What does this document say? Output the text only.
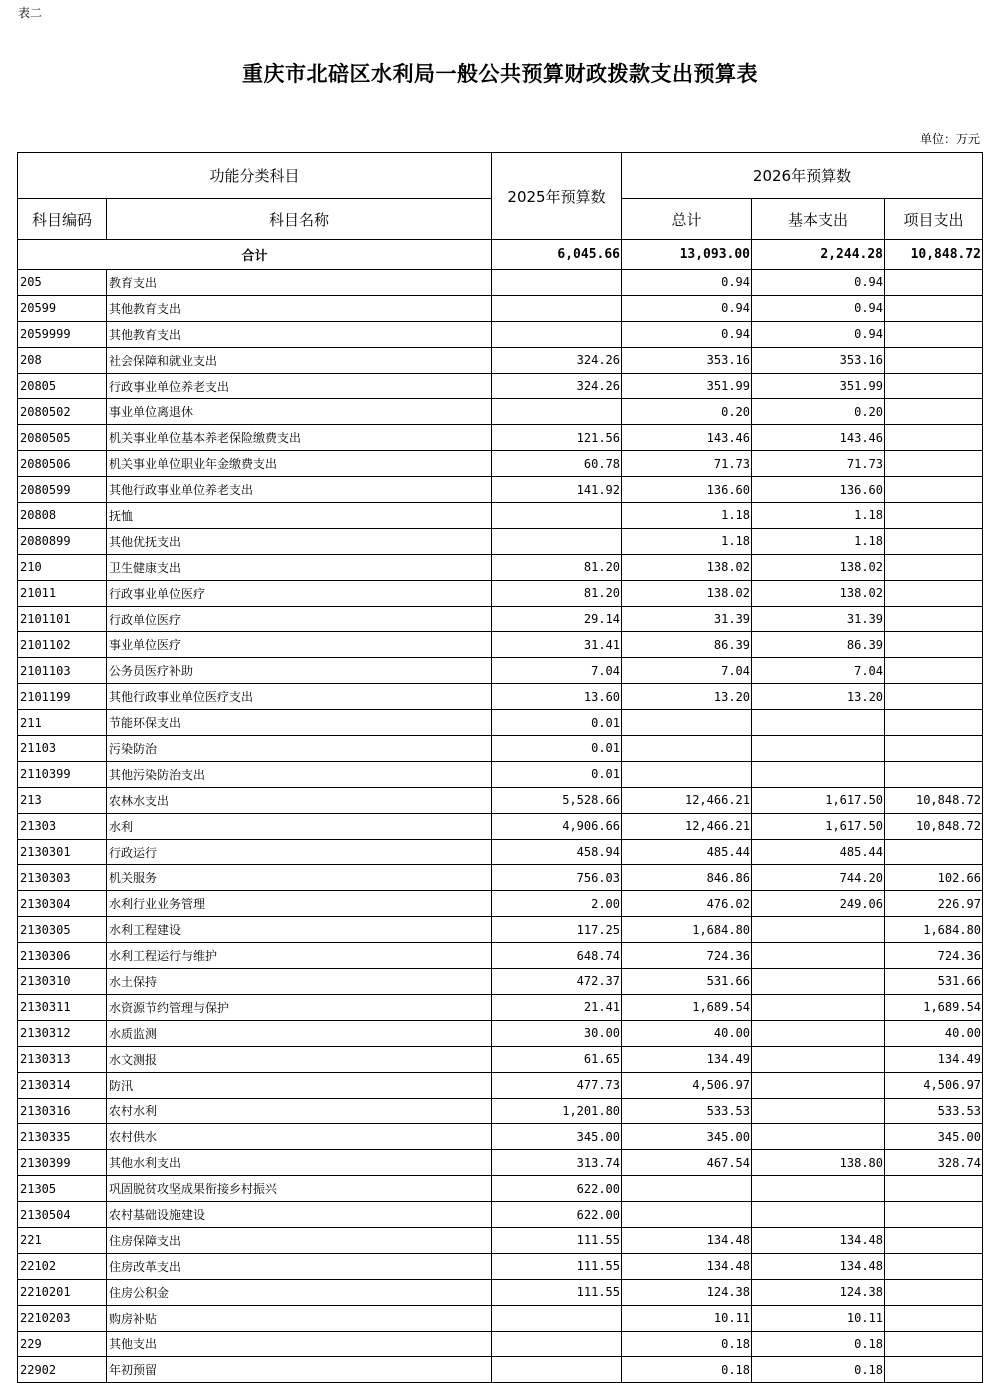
表二
重庆市北碚区水利局一般公共预算财政拨款支出预算表
单位：万元
功能分类科目		2025年预算数	2026年预算数		
科目编码	科目名称		总计	基本支出	项目支出
合计		6,045.66	13,093.00	2,244.28	10,848.72
205	教育支出		0.94	0.94	
20599	其他教育支出		0.94	0.94	
2059999	其他教育支出		0.94	0.94	
208	社会保障和就业支出	324.26	353.16	353.16	
20805	行政事业单位养老支出	324.26	351.99	351.99	
2080502	事业单位离退休		0.20	0.20	
2080505	机关事业单位基本养老保险缴费支出	121.56	143.46	143.46	
2080506	机关事业单位职业年金缴费支出	60.78	71.73	71.73	
2080599	其他行政事业单位养老支出	141.92	136.60	136.60	
20808	抚恤		1.18	1.18	
2080899	其他优抚支出		1.18	1.18	
210	卫生健康支出	81.20	138.02	138.02	
21011	行政事业单位医疗	81.20	138.02	138.02	
2101101	行政单位医疗	29.14	31.39	31.39	
2101102	事业单位医疗	31.41	86.39	86.39	
2101103	公务员医疗补助	7.04	7.04	7.04	
2101199	其他行政事业单位医疗支出	13.60	13.20	13.20	
211	节能环保支出	0.01			
21103	污染防治	0.01			
2110399	其他污染防治支出	0.01			
213	农林水支出	5,528.66	12,466.21	1,617.50	10,848.72
21303	水利	4,906.66	12,466.21	1,617.50	10,848.72
2130301	行政运行	458.94	485.44	485.44	
2130303	机关服务	756.03	846.86	744.20	102.66
2130304	水利行业业务管理	2.00	476.02	249.06	226.97
2130305	水利工程建设	117.25	1,684.80		1,684.80
2130306	水利工程运行与维护	648.74	724.36		724.36
2130310	水土保持	472.37	531.66		531.66
2130311	水资源节约管理与保护	21.41	1,689.54		1,689.54
2130312	水质监测	30.00	40.00		40.00
2130313	水文测报	61.65	134.49		134.49
2130314	防汛	477.73	4,506.97		4,506.97
2130316	农村水利	1,201.80	533.53		533.53
2130335	农村供水	345.00	345.00		345.00
2130399	其他水利支出	313.74	467.54	138.80	328.74
21305	巩固脱贫攻坚成果衔接乡村振兴	622.00			
2130504	农村基础设施建设	622.00			
221	住房保障支出	111.55	134.48	134.48	
22102	住房改革支出	111.55	134.48	134.48	
2210201	住房公积金	111.55	124.38	124.38	
2210203	购房补贴		10.11	10.11	
229	其他支出		0.18	0.18	
22902	年初预留		0.18	0.18	
